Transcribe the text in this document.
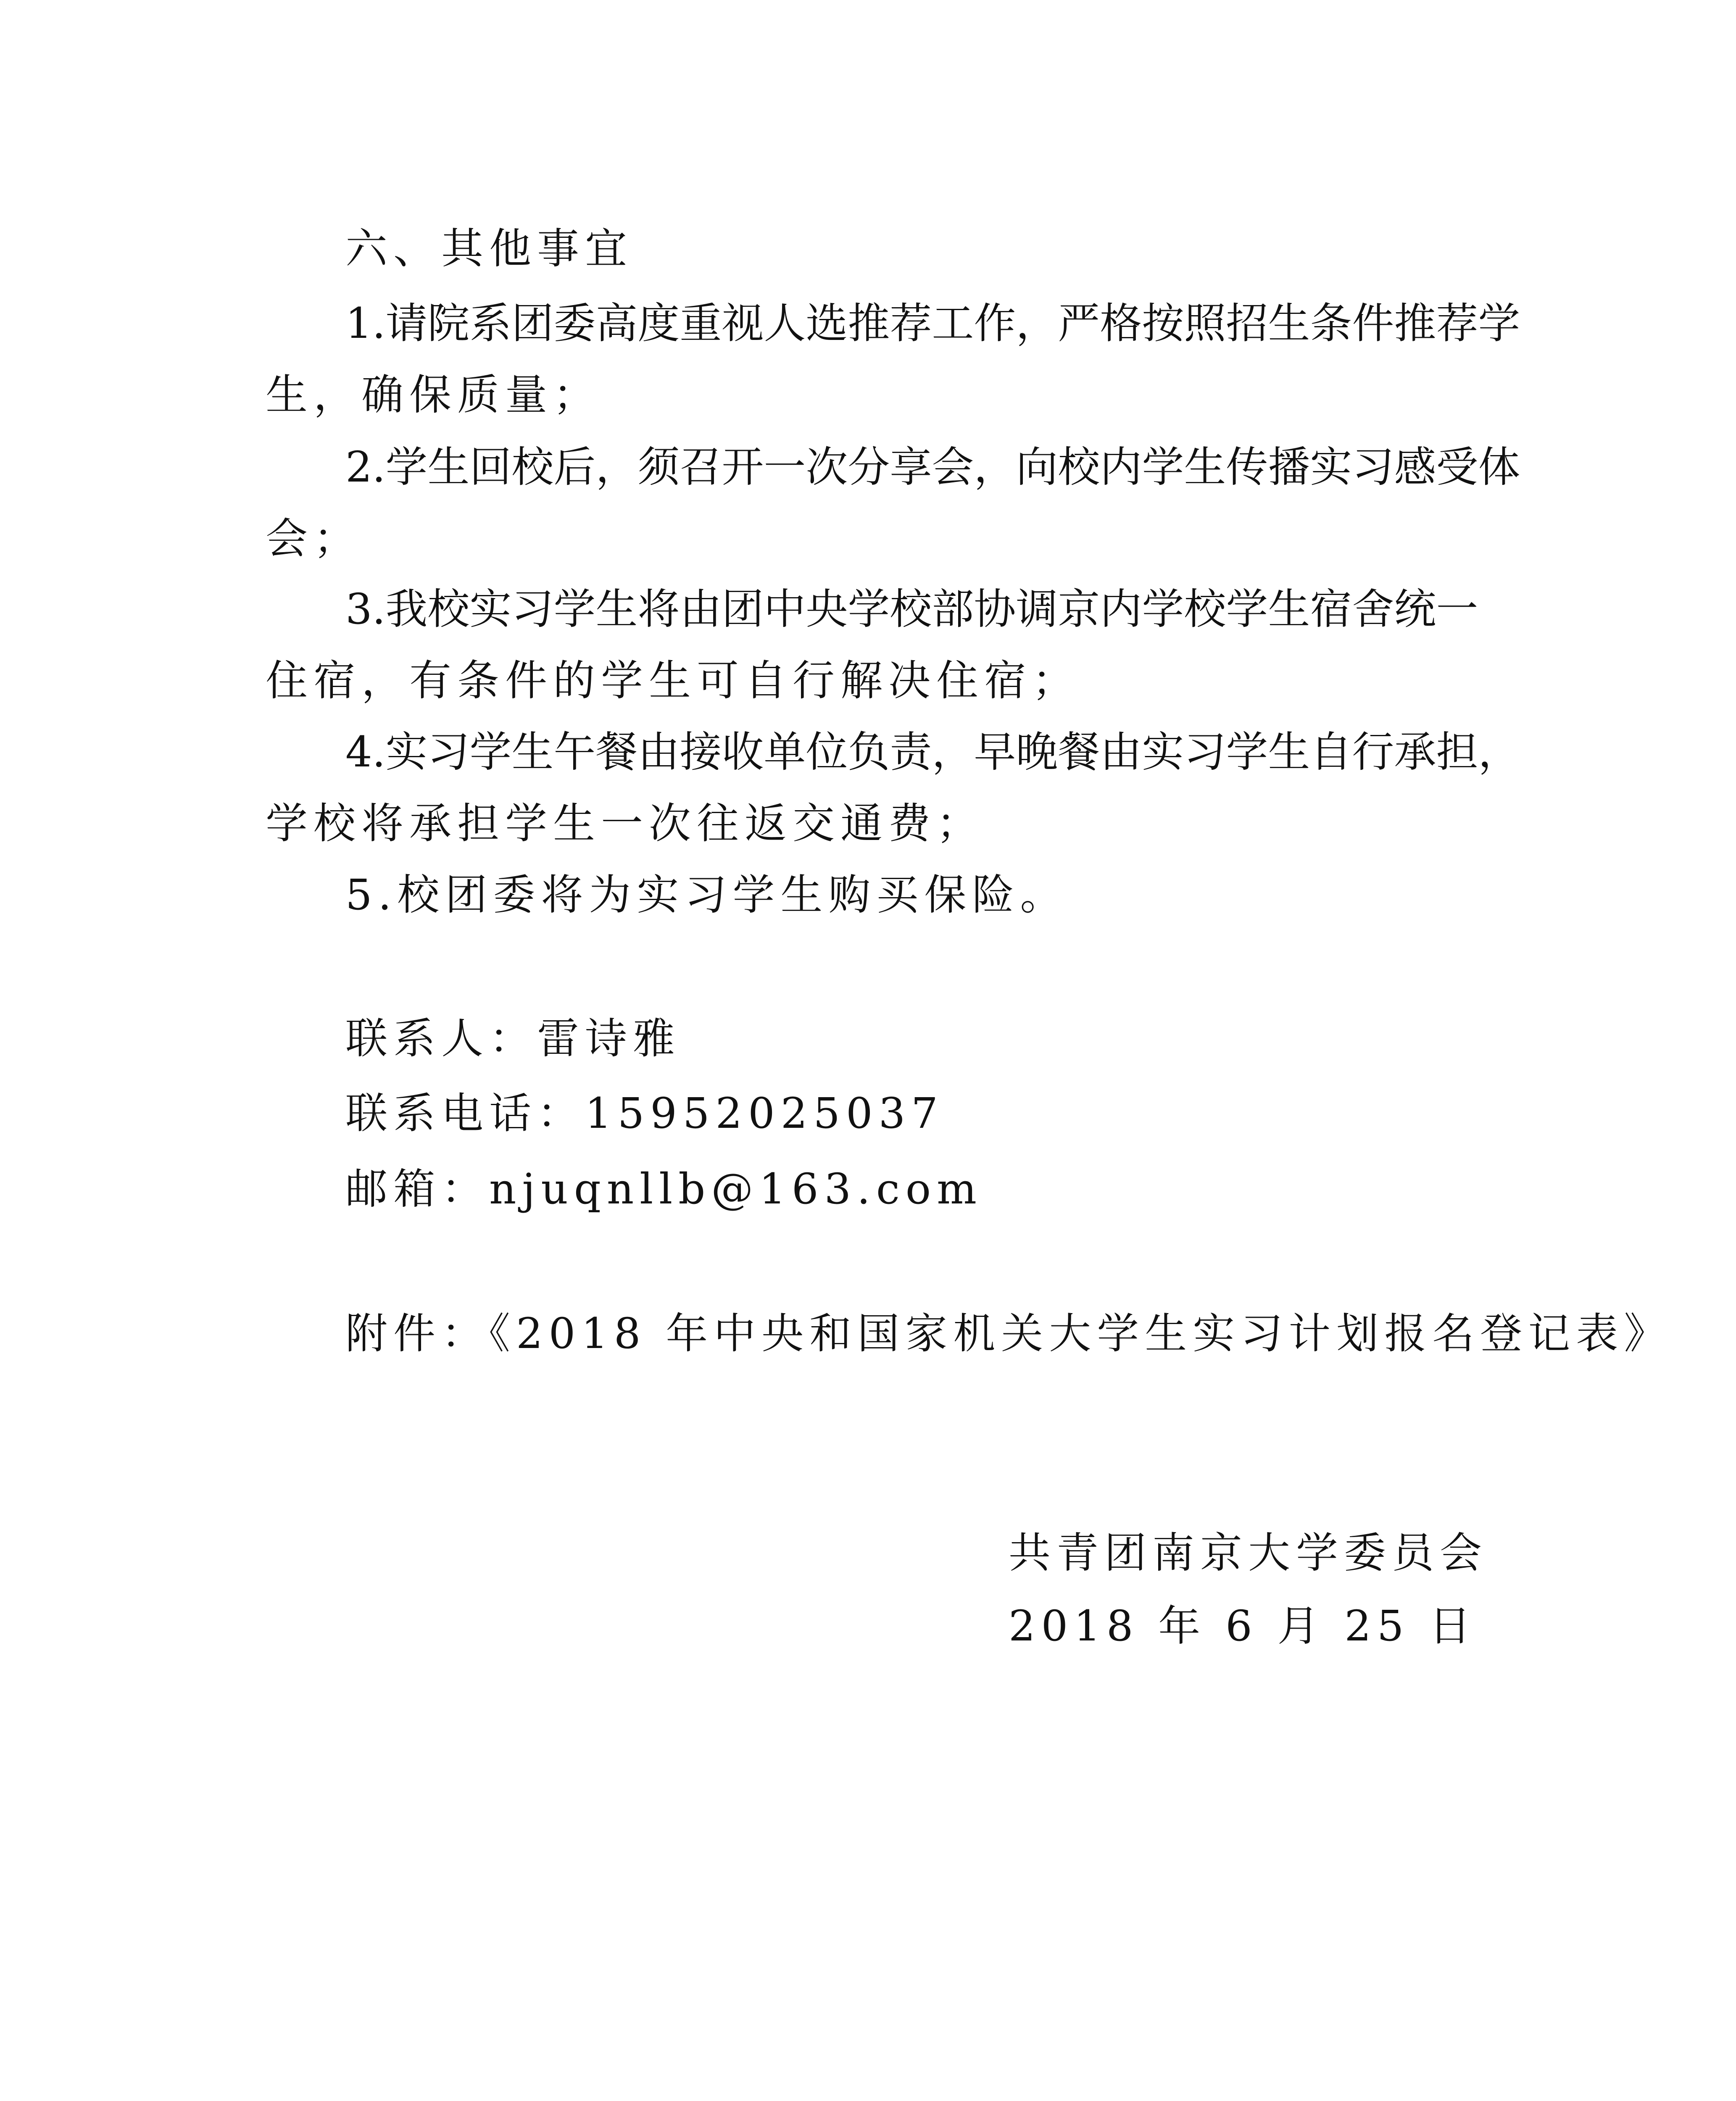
六、其他事宜
1.请院系团委高度重视人选推荐工作，严格按照招生条件推荐学
生，确保质量；
2.学生回校后，须召开一次分享会，向校内学生传播实习感受体
会；
3.我校实习学生将由团中央学校部协调京内学校学生宿舍统一
住宿，有条件的学生可自行解决住宿；
4.实习学生午餐由接收单位负责，早晚餐由实习学生自行承担，
学校将承担学生一次往返交通费；
5.校团委将为实习学生购买保险。
联系人：雷诗雅
联系电话：15952025037
邮箱：njuqnllb@163.com
附件：《2018 年中央和国家机关大学生实习计划报名登记表》
共青团南京大学委员会
2018 年 6 月 25 日
